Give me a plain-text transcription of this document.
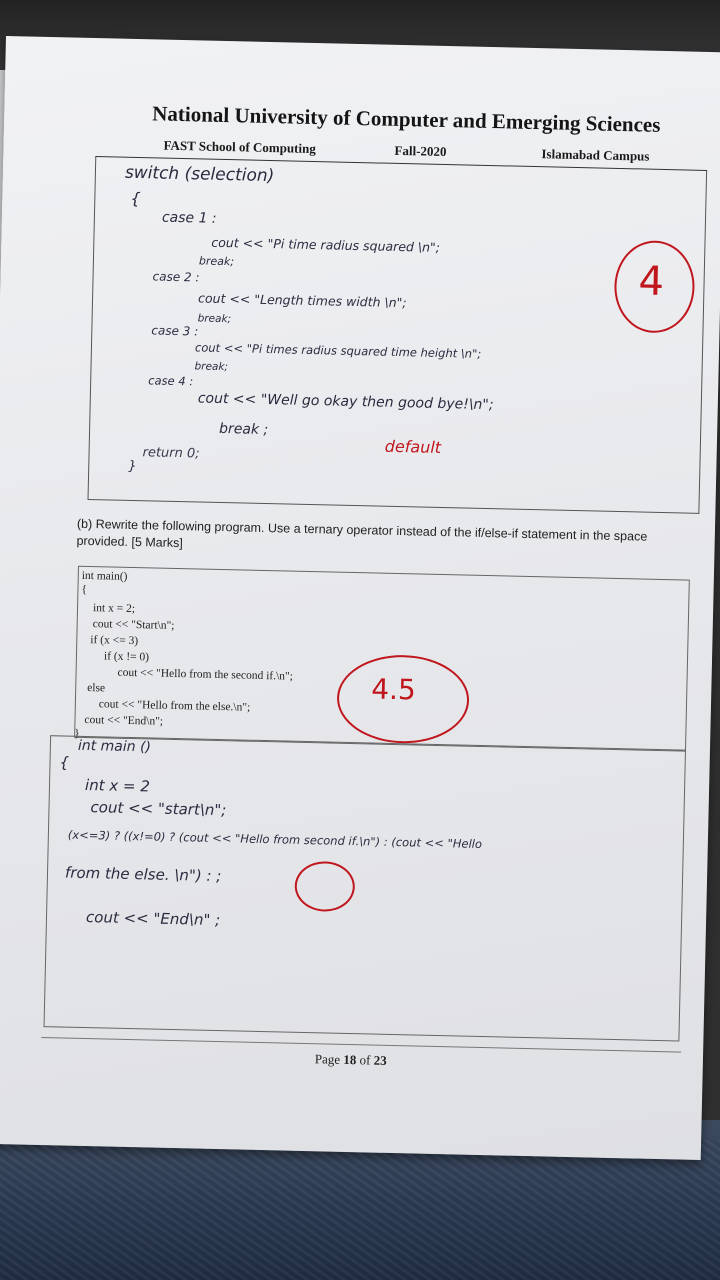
National University of Computer and Emerging Sciences
FAST School of Computing	Fall-2020	Islamabad Campus
switch (selection)
{
case 1 :
cout << "Pi time radius squared \n";
break;
case 2 :
cout << "Length times width \n";
break;
case 3 :
cout << "Pi times radius squared time height \n";
break;
case 4 :
cout << "Well go okay then good bye!\n";
break ;
return 0;
}
4
default
(b) Rewrite the following program. Use a ternary operator instead of the if/else-if statement in the space provided. [5 Marks]
int main()
{
int x = 2;
cout << "Start\n";
if (x <= 3)
if (x != 0)
cout << "Hello from the second if.\n";
else
cout << "Hello from the else.\n";
cout << "End\n";
}
4.5
int main ()
{
int x = 2
cout << "start\n";
(x<=3) ? ((x!=0) ? (cout << "Hello from second if.\n") : (cout << "Hello
from the else. \n") : ;
cout << "End\n" ;
Page 18 of 23
